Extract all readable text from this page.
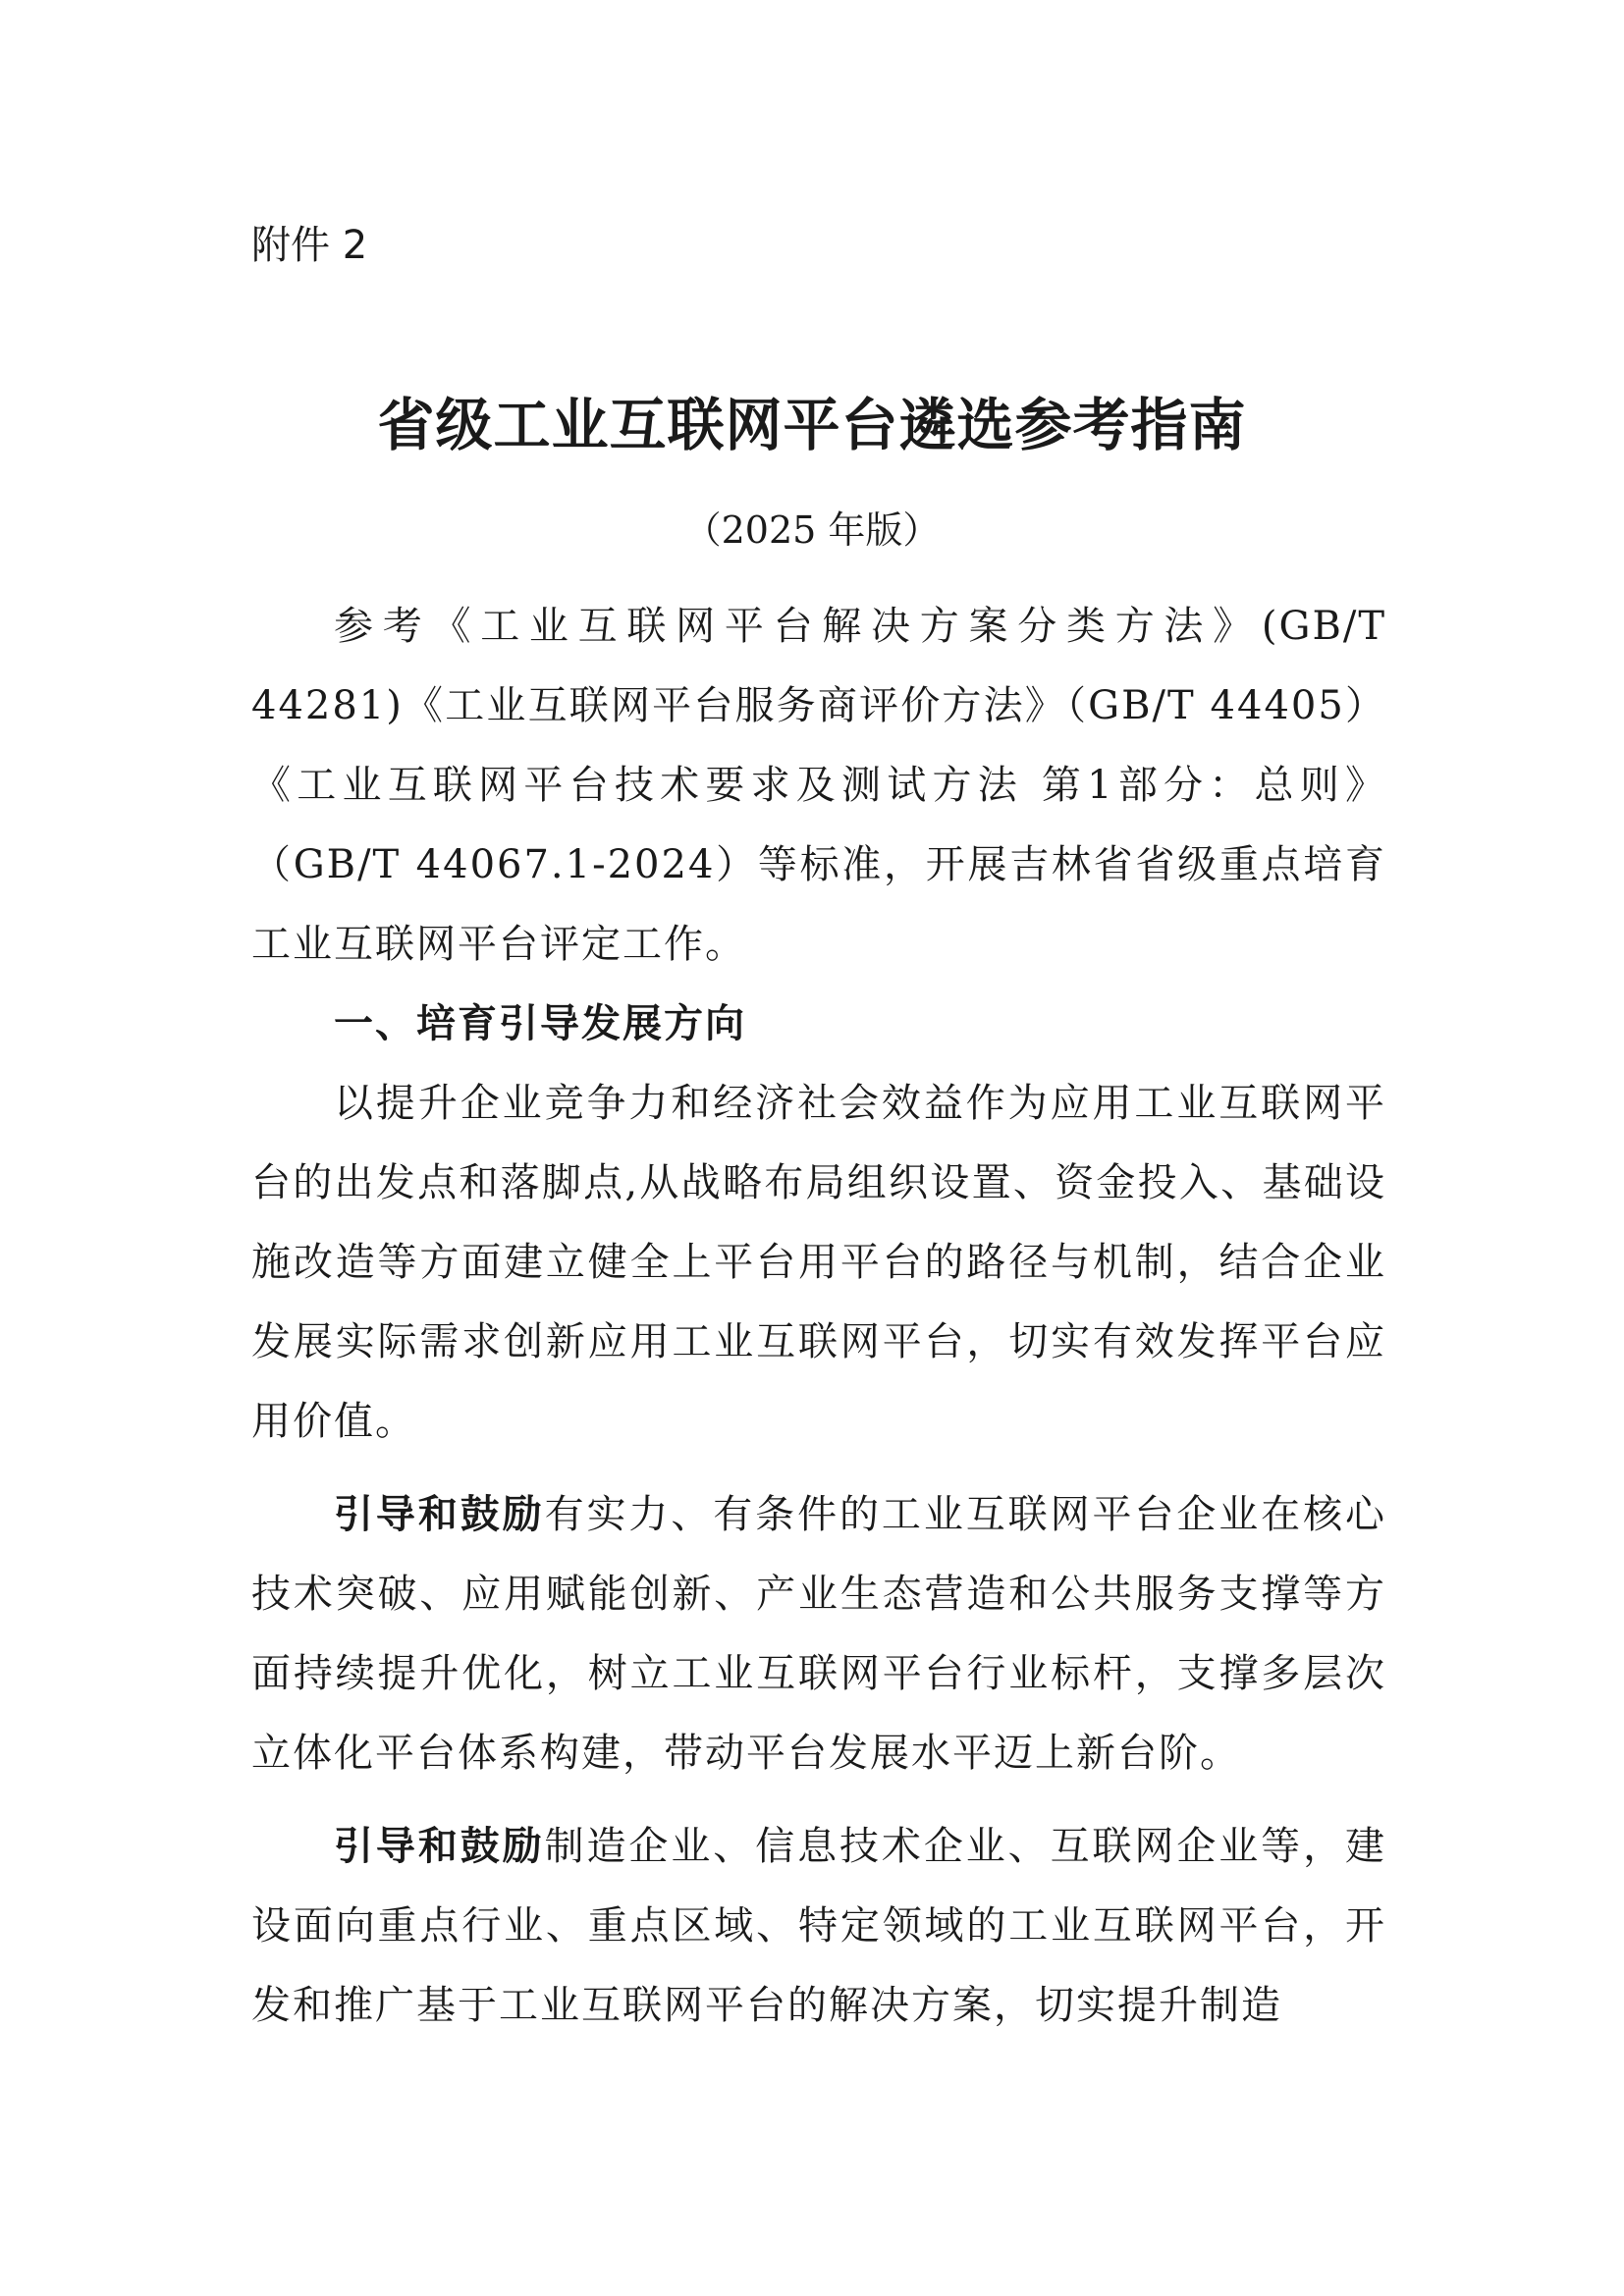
附件 2

省级工业互联网平台遴选参考指南

（2025 年版）

参考《工业互联网平台解决方案分类方法》(GB/T 44281)《工业互联网平台服务商评价方法》（GB/T 44405）《工业互联网平台技术要求及测试方法 第1部分：总则》（GB/T 44067.1-2024）等标准，开展吉林省省级重点培育工业互联网平台评定工作。

一、培育引导发展方向

以提升企业竞争力和经济社会效益作为应用工业互联网平台的出发点和落脚点,从战略布局组织设置、资金投入、基础设施改造等方面建立健全上平台用平台的路径与机制，结合企业发展实际需求创新应用工业互联网平台，切实有效发挥平台应用价值。

引导和鼓励有实力、有条件的工业互联网平台企业在核心技术突破、应用赋能创新、产业生态营造和公共服务支撑等方面持续提升优化，树立工业互联网平台行业标杆，支撑多层次立体化平台体系构建，带动平台发展水平迈上新台阶。

引导和鼓励制造企业、信息技术企业、互联网企业等，建设面向重点行业、重点区域、特定领域的工业互联网平台，开发和推广基于工业互联网平台的解决方案，切实提升制造
